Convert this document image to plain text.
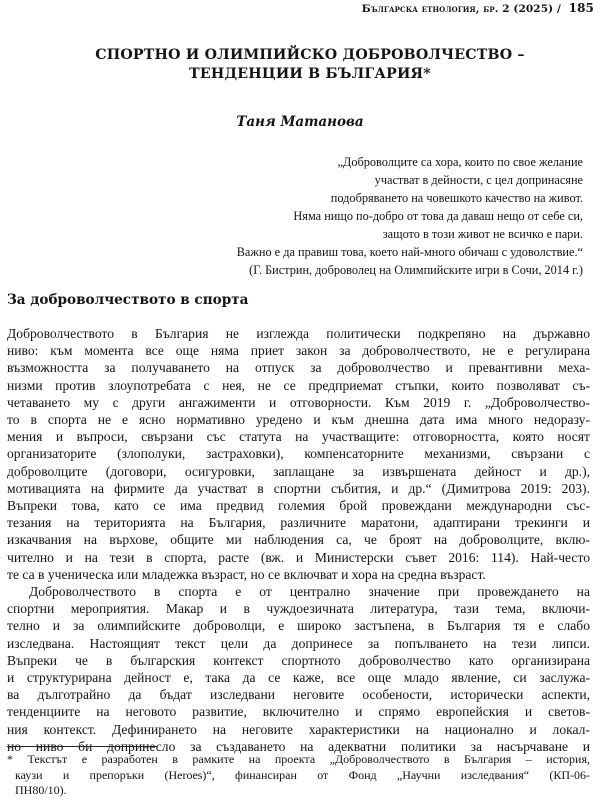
Българска етнология, бр. 2 (2025) / 185
СПОРТНО И ОЛИМПИЙСКО ДОБРОВОЛЧЕСТВО –
ТЕНДЕНЦИИ В БЪЛГАРИЯ*
Таня Матанова
„Доброволците са хора, които по свое желание
участват в дейности, с цел допринасяне
подобряването на човешкото качество на живот.
Няма нищо по-добро от това да даваш нещо от себе си,
защото в този живот не всичко е пари.
Важно е да правиш това, което най-много обичаш с удоволствие.“
(Г. Бистрин, доброволец на Олимпийските игри в Сочи, 2014 г.)
За доброволчеството в спорта
Доброволчеството в България не изглежда политически подкрепяно на държавно
ниво: към момента все още няма приет закон за доброволчеството, не е регулирана
възможността за получаването на отпуск за доброволчество и превантивни меха-
низми против злоупотребата с нея, не се предприемат стъпки, които позволяват съ-
четаването му с други ангажименти и отговорности. Към 2019 г. „Доброволчество-
то в спорта не е ясно нормативно уредено и към днешна дата има много недоразу-
мения и въпроси, свързани със статута на участващите: отговорността, която носят
организаторите (злополуки, застраховки), компенсаторните механизми, свързани с
доброволците (договори, осигуровки, заплащане за извършената дейност и др.),
мотивацията на фирмите да участват в спортни събития, и др.“ (Димитрова 2019: 203).
Въпреки това, като се има предвид големия брой провеждани международни със-
тезания на територията на България, различните маратони, адаптирани трекинги и
изкачвания на върхове, общите ми наблюдения са, че броят на доброволците, вклю-
чително и на тези в спорта, расте (вж. и Министерски съвет 2016: 114). Най-често
те са в ученическа или младежка възраст, но се включват и хора на средна възраст.
Доброволчеството в спорта е от централно значение при провеждането на
спортни мероприятия. Макар и в чуждоезичната литература, тази тема, включи-
телно и за олимпийските доброволци, е широко застъпена, в България тя е слабо
изследвана. Настоящият текст цели да допринесе за попълването на тези липси.
Въпреки че в българския контекст спортното доброволчество като организирана
и структурирана дейност е, така да се каже, все още младо явление, си заслужа-
ва дълготрайно да бъдат изследвани неговите особености, исторически аспекти,
тенденциите на неговото развитие, включително и спрямо европейския и светов-
ния контекст. Дефинирането на неговите характеристики на национално и локал-
но ниво би допринесло за създаването на адекватни политики за насърчаване и
* Текстът е разработен в рамките на проекта „Доброволчеството в България – история,
каузи и препоръки (Heroes)“, финансиран от Фонд „Научни изследвания“ (КП-06-
ПН80/10).
